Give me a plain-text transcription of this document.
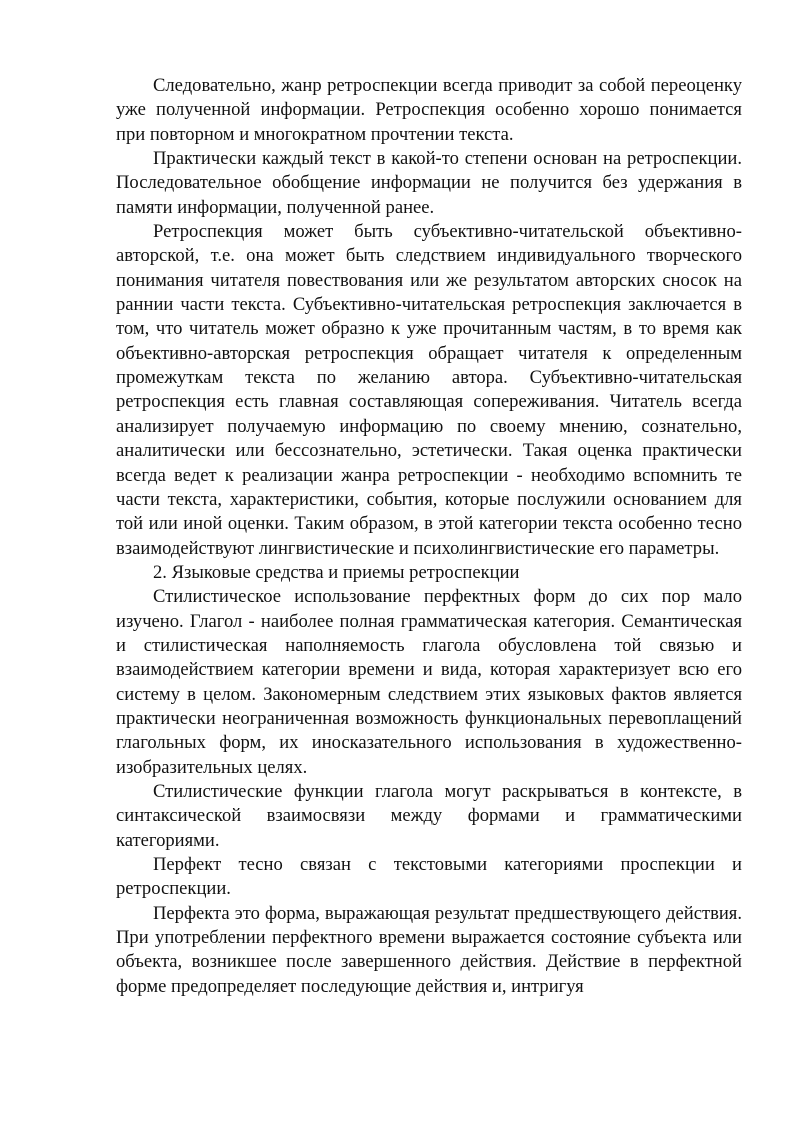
Следовательно, жанр ретроспекции всегда приводит за собой переоценку уже полученной информации. Ретроспекция особенно хорошо понимается при повторном и многократном прочтении текста.

Практически каждый текст в какой-то степени основан на ретроспекции. Последовательное обобщение информации не получится без удержания в памяти информации, полученной ранее.

Ретроспекция может быть субъективно-читательской объективно-авторской, т.е. она может быть следствием индивидуального творческого понимания читателя повествования или же результатом авторских сносок на раннии части текста. Субъективно-читательская ретроспекция заключается в том, что читатель может образно к уже прочитанным частям, в то время как объективно-авторская ретроспекция обращает читателя к определенным промежуткам текста по желанию автора. Субъективно-читательская ретроспекция есть главная составляющая сопереживания. Читатель всегда анализирует получаемую информацию по своему мнению, сознательно, аналитически или бессознательно, эстетически. Такая оценка практически всегда ведет к реализации жанра ретроспекции - необходимо вспомнить те части текста, характеристики, события, которые послужили основанием для той или иной оценки. Таким образом, в этой категории текста особенно тесно взаимодействуют лингвистические и психолингвистические его параметры.

2. Языковые средства и приемы ретроспекции

Стилистическое использование перфектных форм до сих пор мало изучено. Глагол - наиболее полная грамматическая категория. Семантическая и стилистическая наполняемость глагола обусловлена той связью и взаимодействием категории времени и вида, которая характеризует всю его систему в целом. Закономерным следствием этих языковых фактов является практически неограниченная возможность функциональных перевоплащений глагольных форм, их иносказательного использования в художественно-изобразительных целях.

Стилистические функции глагола могут раскрываться в контексте, в синтаксической взаимосвязи между формами и грамматическими категориями.

Перфект тесно связан с текстовыми категориями проспекции и ретроспекции.

Перфекта это форма, выражающая результат предшествующего действия. При употреблении перфектного времени выражается состояние субъекта или объекта, возникшее после завершенного действия. Действие в перфектной форме предопределяет последующие действия и, интригуя
